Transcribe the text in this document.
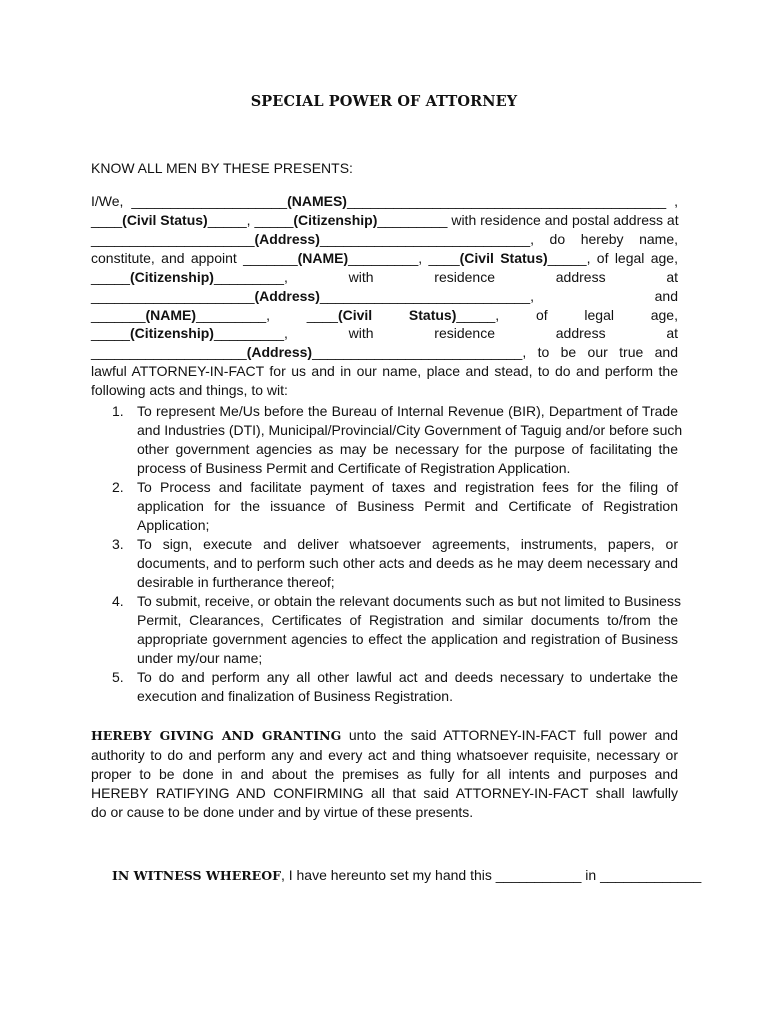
SPECIAL POWER OF ATTORNEY
KNOW ALL MEN BY THESE PRESENTS:
I/We, ____________________(NAMES)_________________________________________ ,
____(Civil Status)_____, _____(Citizenship)_________ with residence and postal address at
_____________________(Address)___________________________, do hereby name,
constitute, and appoint _______(NAME)_________, ____(Civil Status)_____, of legal age,
_____(Citizenship)_________, with residence address at
_____________________(Address)___________________________, and
_______(NAME)_________, ____(Civil Status)_____, of legal age,
_____(Citizenship)_________, with residence address at
____________________(Address)___________________________, to be our true and
lawful ATTORNEY-IN-FACT for us and in our name, place and stead, to do and perform the
following acts and things, to wit:
1. To represent Me/Us before the Bureau of Internal Revenue (BIR), Department of Trade
and Industries (DTI), Municipal/Provincial/City Government of Taguig and/or before such
other government agencies as may be necessary for the purpose of facilitating the
process of Business Permit and Certificate of Registration Application.
2. To Process and facilitate payment of taxes and registration fees for the filing of
application for the issuance of Business Permit and Certificate of Registration
Application;
3. To sign, execute and deliver whatsoever agreements, instruments, papers, or
documents, and to perform such other acts and deeds as he may deem necessary and
desirable in furtherance thereof;
4. To submit, receive, or obtain the relevant documents such as but not limited to Business
Permit, Clearances, Certificates of Registration and similar documents to/from the
appropriate government agencies to effect the application and registration of Business
under my/our name;
5. To do and perform any all other lawful act and deeds necessary to undertake the
execution and finalization of Business Registration.
HEREBY GIVING AND GRANTING unto the said ATTORNEY-IN-FACT full power and
authority to do and perform any and every act and thing whatsoever requisite, necessary or
proper to be done in and about the premises as fully for all intents and purposes and
HEREBY RATIFYING AND CONFIRMING all that said ATTORNEY-IN-FACT shall lawfully
do or cause to be done under and by virtue of these presents.
IN WITNESS WHEREOF, I have hereunto set my hand this ___________ in _____________
